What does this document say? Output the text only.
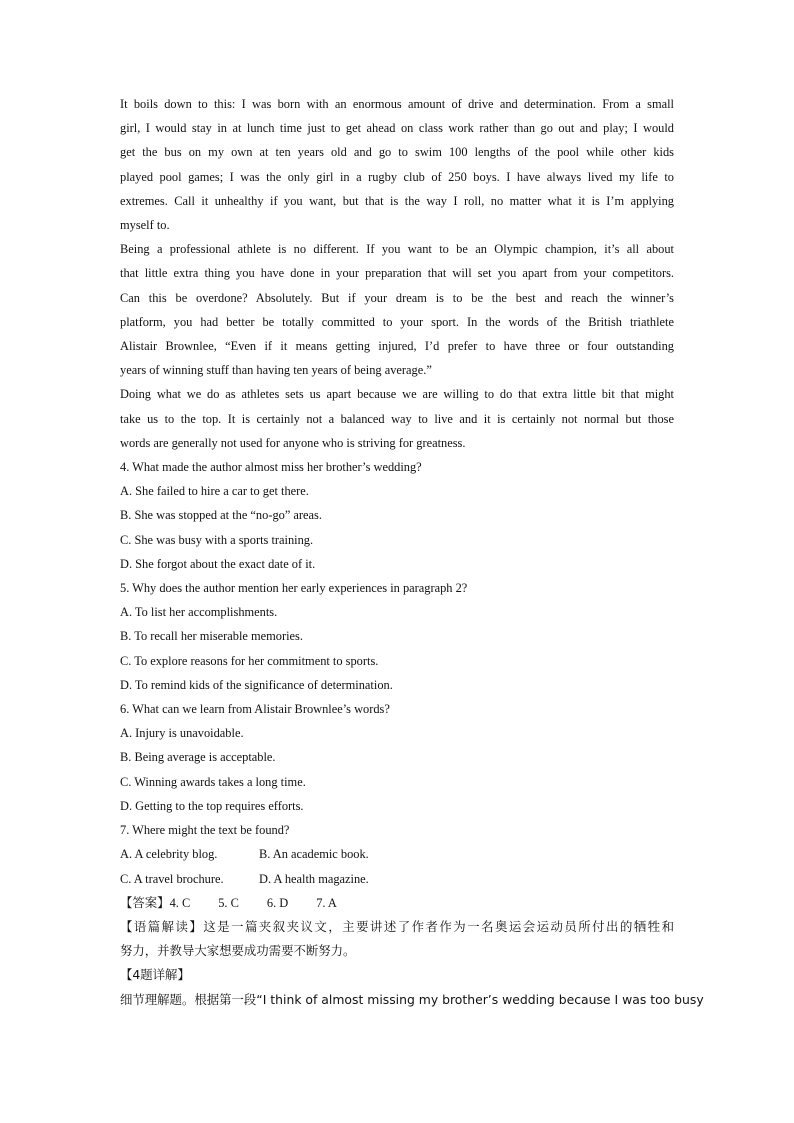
It boils down to this: I was born with an enormous amount of drive and determination. From a small
girl, I would stay in at lunch time just to get ahead on class work rather than go out and play; I would
get the bus on my own at ten years old and go to swim 100 lengths of the pool while other kids
played pool games; I was the only girl in a rugby club of 250 boys. I have always lived my life to
extremes. Call it unhealthy if you want, but that is the way I roll, no matter what it is I’m applying
myself to.
Being a professional athlete is no different. If you want to be an Olympic champion, it’s all about
that little extra thing you have done in your preparation that will set you apart from your competitors.
Can this be overdone? Absolutely. But if your dream is to be the best and reach the winner’s
platform, you had better be totally committed to your sport. In the words of the British triathlete
Alistair Brownlee, “Even if it means getting injured, I’d prefer to have three or four outstanding
years of winning stuff than having ten years of being average.”
Doing what we do as athletes sets us apart because we are willing to do that extra little bit that might
take us to the top. It is certainly not a balanced way to live and it is certainly not normal but those
words are generally not used for anyone who is striving for greatness.

4. What made the author almost miss her brother’s wedding?

A. She failed to hire a car to get there.

B. She was stopped at the “no-go” areas.

C. She was busy with a sports training.

D. She forgot about the exact date of it.

5. Why does the author mention her early experiences in paragraph 2?

A. To list her accomplishments.

B. To recall her miserable memories.

C. To explore reasons for her commitment to sports.

D. To remind kids of the significance of determination.

6. What can we learn from Alistair Brownlee’s words?

A. Injury is unavoidable.

B. Being average is acceptable.

C. Winning awards takes a long time.

D. Getting to the top requires efforts.

7. Where might the text be found?

A. A celebrity blog.	B. An academic book.

C. A travel brochure.	D. A health magazine.

【答案】4. C 5. C 6. D 7. A

【语篇解读】这是一篇夹叙夹议文，主要讲述了作者作为一名奥运会运动员所付出的牺牲和
努力，并教导大家想要成功需要不断努力。

【4题详解】

细节理解题。根据第一段“I think of almost missing my brother’s wedding because I was too busy
